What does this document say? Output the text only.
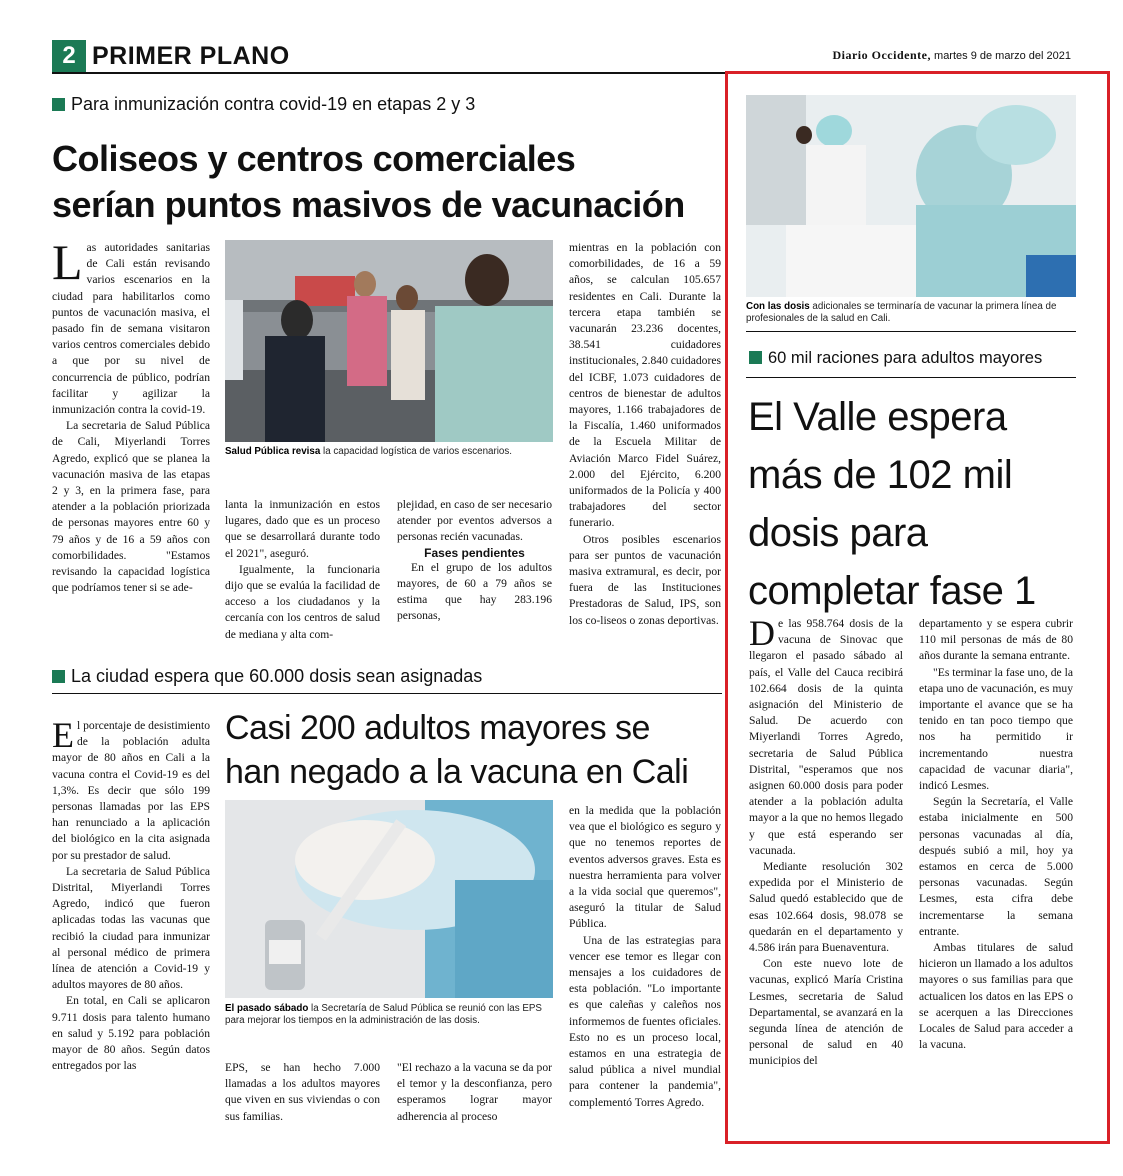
2 PRIMER PLANO	Diario Occidente, martes 9 de marzo del 2021
Para inmunización contra covid-19 en etapas 2 y 3
Coliseos y centros comerciales
serían puntos masivos de vacunación

Las autoridades sanitarias de Cali están revisando varios escenarios en la ciudad para habilitarlos como puntos de vacunación masiva, el pasado fin de semana visitaron varios centros comerciales debido a que por su nivel de concurrencia de público, podrían facilitar y agilizar la inmunización contra la covid-19.

La secretaria de Salud Pública de Cali, Miyerlandi Torres Agredo, explicó que se planea la vacunación masiva de las etapas 2 y 3, en la primera fase, para atender a la población priorizada de personas mayores entre 60 y 79 años y de 16 a 59 años con comorbilidades. "Estamos revisando la capacidad logística que podríamos tener si se ade-

Salud Pública revisa la capacidad logística de varios escenarios.

lanta la inmunización en estos lugares, dado que es un proceso que se desarrollará durante todo el 2021", aseguró.

Igualmente, la funcionaria dijo que se evalúa la facilidad de acceso a los ciudadanos y la cercanía con los centros de salud de mediana y alta com-

plejidad, en caso de ser necesario atender por eventos adversos a personas recién vacunadas.

Fases pendientes

En el grupo de los adultos mayores, de 60 a 79 años se estima que hay 283.196 personas,

mientras en la población con comorbilidades, de 16 a 59 años, se calculan 105.657 residentes en Cali. Durante la tercera etapa también se vacunarán 23.236 docentes, 38.541 cuidadores institucionales, 2.840 cuidadores del ICBF, 1.073 cuidadores de centros de bienestar de adultos mayores, 1.166 trabajadores de la Fiscalía, 1.460 uniformados de la Escuela Militar de Aviación Marco Fidel Suárez, 2.000 del Ejército, 6.200 uniformados de la Policía y 400 trabajadores del sector funerario.

Otros posibles escenarios para ser puntos de vacunación masiva extramural, es decir, por fuera de las Instituciones Prestadoras de Salud, IPS, son los co-liseos o zonas deportivas.

La ciudad espera que 60.000 dosis sean asignadas

El porcentaje de desistimiento de la población adulta mayor de 80 años en Cali a la vacuna contra el Covid-19 es del 1,3%. Es decir que sólo 199 personas llamadas por las EPS han renunciado a la aplicación del biológico en la cita asignada por su prestador de salud.

La secretaria de Salud Pública Distrital, Miyerlandi Torres Agredo, indicó que fueron aplicadas todas las vacunas que recibió la ciudad para inmunizar al personal médico de primera línea de atención a Covid-19 y adultos mayores de 80 años.

En total, en Cali se aplicaron 9.711 dosis para talento humano en salud y 5.192 para población mayor de 80 años. Según datos entregados por las

Casi 200 adultos mayores se
han negado a la vacuna en Cali
El pasado sábado la Secretaría de Salud Pública se reunió con las EPS para mejorar los tiempos en la administración de las dosis.

EPS, se han hecho 7.000 llamadas a los adultos mayores que viven en sus viviendas o con sus familias.

"El rechazo a la vacuna se da por el temor y la desconfianza, pero esperamos lograr mayor adherencia al proceso

en la medida que la población vea que el biológico es seguro y que no tenemos reportes de eventos adversos graves. Esta es nuestra herramienta para volver a la vida social que queremos", aseguró la titular de Salud Pública.

Una de las estrategias para vencer ese temor es llegar con mensajes a los cuidadores de esta población. "Lo importante es que caleñas y caleños nos informemos de fuentes oficiales. Esto no es un proceso local, estamos en una estrategia de salud pública a nivel mundial para contener la pandemia", complementó Torres Agredo.

Con las dosis adicionales se terminaría de vacunar la primera línea de profesionales de la salud en Cali.
60 mil raciones para adultos mayores
El Valle espera
más de 102 mil
dosis para
completar fase 1

De las 958.764 dosis de la vacuna de Sinovac que llegaron el pasado sábado al país, el Valle del Cauca recibirá 102.664 dosis de la quinta asignación del Ministerio de Salud. De acuerdo con Miyerlandi Torres Agredo, secretaria de Salud Pública Distrital, "esperamos que nos asignen 60.000 dosis para poder atender a la población adulta mayor a la que no hemos llegado y que está esperando ser vacunada.

Mediante resolución 302 expedida por el Ministerio de Salud quedó establecido que de esas 102.664 dosis, 98.078 se quedarán en el departamento y 4.586 irán para Buenaventura.

Con este nuevo lote de vacunas, explicó María Cristina Lesmes, secretaria de Salud Departamental, se avanzará en la segunda línea de atención de personal de salud en 40 municipios del

departamento y se espera cubrir 110 mil personas de más de 80 años durante la semana entrante.

"Es terminar la fase uno, de la etapa uno de vacunación, es muy importante el avance que se ha tenido en tan poco tiempo que nos ha permitido ir incrementando nuestra capacidad de vacunar diaria", indicó Lesmes.

Según la Secretaría, el Valle estaba inicialmente en 500 personas vacunadas al día, después subió a mil, hoy ya estamos en cerca de 5.000 personas vacunadas. Según Lesmes, esta cifra debe incrementarse la semana entrante.

Ambas titulares de salud hicieron un llamado a los adultos mayores o sus familias para que actualicen los datos en las EPS o se acerquen a las Direcciones Locales de Salud para acceder a la vacuna.
